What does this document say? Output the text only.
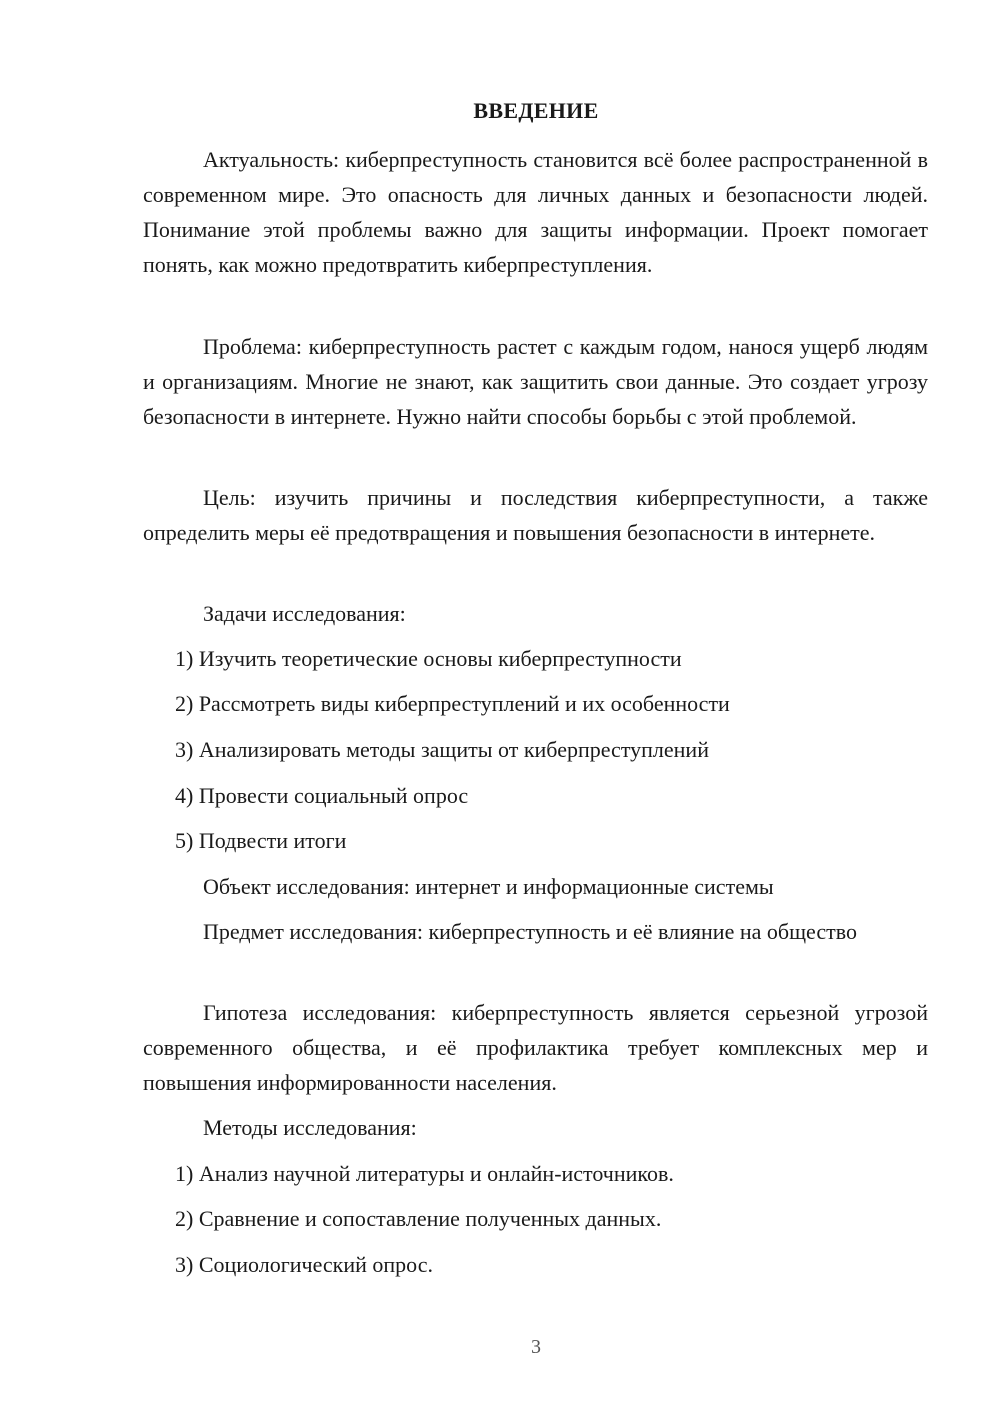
ВВЕДЕНИЕ

Актуальность: киберпреступность становится всё более распространенной в современном мире. Это опасность для личных данных и безопасности людей. Понимание этой проблемы важно для защиты информации. Проект помогает понять, как можно предотвратить киберпреступления.

Проблема: киберпреступность растет с каждым годом, нанося ущерб людям и организациям. Многие не знают, как защитить свои данные. Это создает угрозу безопасности в интернете. Нужно найти способы борьбы с этой проблемой.

Цель: изучить причины и последствия киберпреступности, а также определить меры её предотвращения и повышения безопасности в интернете.

Задачи исследования:

1) Изучить теоретические основы киберпреступности

2) Рассмотреть виды киберпреступлений и их особенности

3) Анализировать методы защиты от киберпреступлений

4) Провести социальный опрос

5) Подвести итоги

Объект исследования: интернет и информационные системы

Предмет исследования: киберпреступность и её влияние на общество

Гипотеза исследования: киберпреступность является серьезной угрозой современного общества, и её профилактика требует комплексных мер и повышения информированности населения.

Методы исследования:

1) Анализ научной литературы и онлайн-источников.

2) Сравнение и сопоставление полученных данных.

3) Социологический опрос.

3
